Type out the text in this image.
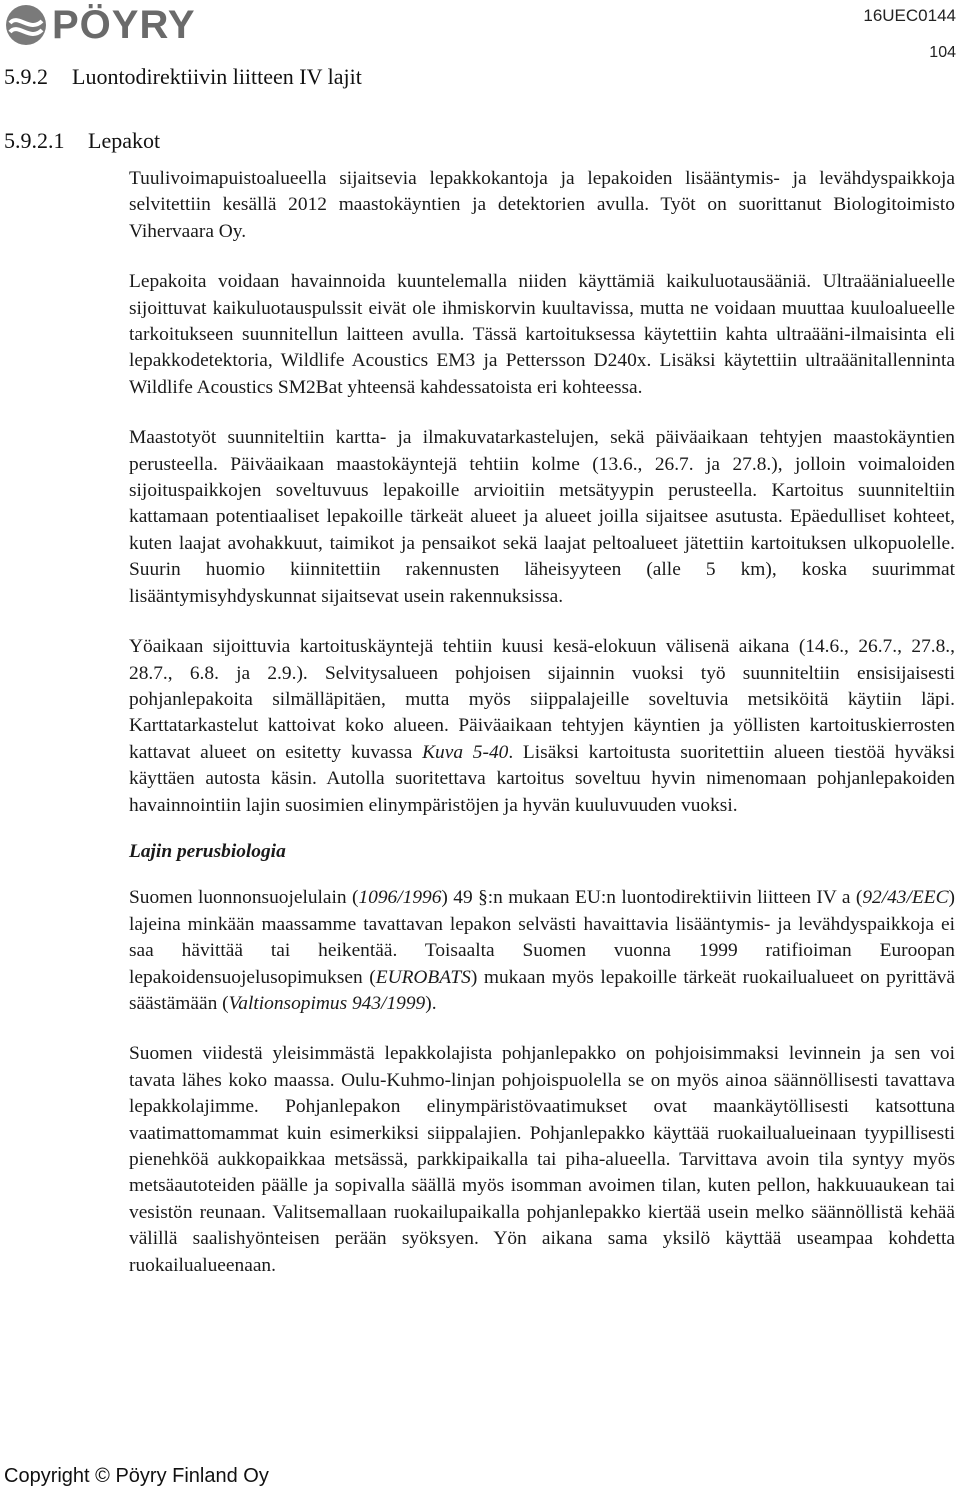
PÖYRY	16UEC0144
104
5.9.2 Luontodirektiivin liitteen IV lajit
5.9.2.1 Lepakot

Tuulivoimapuistoalueella sijaitsevia lepakkokantoja ja lepakoiden lisääntymis- ja levähdyspaikkoja selvitettiin kesällä 2012 maastokäyntien ja detektorien avulla. Työt on suorittanut Biologitoimisto Vihervaara Oy.

Lepakoita voidaan havainnoida kuuntelemalla niiden käyttämiä kaikuluotausääniä. Ultraäänialueelle sijoittuvat kaikuluotauspulssit eivät ole ihmiskorvin kuultavissa, mutta ne voidaan muuttaa kuuloalueelle tarkoitukseen suunnitellun laitteen avulla. Tässä kartoituksessa käytettiin kahta ultraääni-ilmaisinta eli lepakkodetektoria, Wildlife Acoustics EM3 ja Pettersson D240x. Lisäksi käytettiin ultraäänitallenninta Wildlife Acoustics SM2Bat yhteensä kahdessatoista eri kohteessa.

Maastotyöt suunniteltiin kartta- ja ilmakuvatarkastelujen, sekä päiväaikaan tehtyjen maastokäyntien perusteella. Päiväaikaan maastokäyntejä tehtiin kolme (13.6., 26.7. ja 27.8.), jolloin voimaloiden sijoituspaikkojen soveltuvuus lepakoille arvioitiin metsätyypin perusteella. Kartoitus suunniteltiin kattamaan potentiaaliset lepakoille tärkeät alueet ja alueet joilla sijaitsee asutusta. Epäedulliset kohteet, kuten laajat avohakkuut, taimikot ja pensaikot sekä laajat peltoalueet jätettiin kartoituksen ulkopuolelle. Suurin huomio kiinnitettiin rakennusten läheisyyteen (alle 5 km), koska suurimmat lisääntymisyhdyskunnat sijaitsevat usein rakennuksissa.

Yöaikaan sijoittuvia kartoituskäyntejä tehtiin kuusi kesä-elokuun välisenä aikana (14.6., 26.7., 27.8., 28.7., 6.8. ja 2.9.). Selvitysalueen pohjoisen sijainnin vuoksi työ suunniteltiin ensisijaisesti pohjanlepakoita silmälläpitäen, mutta myös siippalajeille soveltuvia metsiköitä käytiin läpi. Karttatarkastelut kattoivat koko alueen. Päiväaikaan tehtyjen käyntien ja yöllisten kartoituskierrosten kattavat alueet on esitetty kuvassa Kuva 5-40. Lisäksi kartoitusta suoritettiin alueen tiestöä hyväksi käyttäen autosta käsin. Autolla suoritettava kartoitus soveltuu hyvin nimenomaan pohjanlepakoiden havainnointiin lajin suosimien elinympäristöjen ja hyvän kuuluvuuden vuoksi.

Lajin perusbiologia

Suomen luonnonsuojelulain (1096/1996) 49 §:n mukaan EU:n luontodirektiivin liitteen IV a (92/43/EEC) lajeina minkään maassamme tavattavan lepakon selvästi havaittavia lisääntymis- ja levähdyspaikkoja ei saa hävittää tai heikentää. Toisaalta Suomen vuonna 1999 ratifioiman Euroopan lepakoidensuojelusopimuksen (EUROBATS) mukaan myös lepakoille tärkeät ruokailualueet on pyrittävä säästämään (Valtionsopimus 943/1999).

Suomen viidestä yleisimmästä lepakkolajista pohjanlepakko on pohjoisimmaksi levinnein ja sen voi tavata lähes koko maassa. Oulu-Kuhmo-linjan pohjoispuolella se on myös ainoa säännöllisesti tavattava lepakkolajimme. Pohjanlepakon elinympäristövaatimukset ovat maankäytöllisesti katsottuna vaatimattomammat kuin esimerkiksi siippalajien. Pohjanlepakko käyttää ruokailualueinaan tyypillisesti pienehköä aukkopaikkaa metsässä, parkkipaikalla tai piha-alueella. Tarvittava avoin tila syntyy myös metsäautoteiden päälle ja sopivalla säällä myös isomman avoimen tilan, kuten pellon, hakkuuaukean tai vesistön reunaan. Valitsemallaan ruokailupaikalla pohjanlepakko kiertää usein melko säännöllistä kehää välillä saalishyönteisen perään syöksyen. Yön aikana sama yksilö käyttää useampaa kohdetta ruokailualueenaan.

Copyright © Pöyry Finland Oy
